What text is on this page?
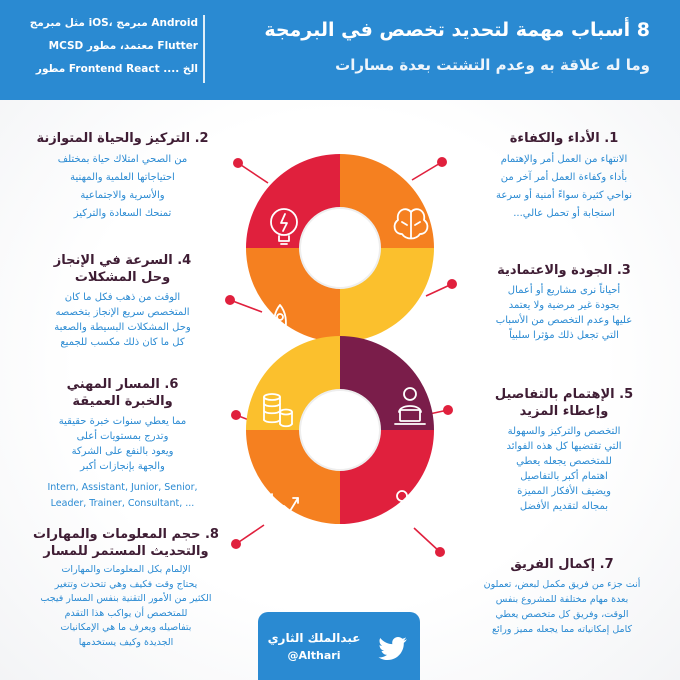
8 أسباب مهمة لتحديد تخصص في البرمجة
وما له علاقة به وعدم التشتت بعدة مسارات
مثل مبرمج iOS، مبرمج Android
MCSD معتمد، مطور Flutter
مطور Frontend React .... الخ
2. التركيز والحياة المتوازنة

من الصحي امتلاك حياة بمختلف
احتياجاتها العلمية والمهنية
والأسرية والاجتماعية
تمنحك السعادة والتركيز

4. السرعة في الإنجاز
وحل المشكلات

الوقت من ذهب فكل ما كان
المتخصص سريع الإنجاز بتخصصه
وحل المشكلات البسيطة والصعبة
كل ما كان ذلك مكسب للجميع

6. المسار المهني
والخبرة العميقة

مما يعطي سنوات خبرة حقيقية
وتدرج بمستويات أعلى
ويعود بالنفع على الشركة
والجهة بإنجازات أكبر

Intern, Assistant, Junior, Senior,
Leader, Trainer, Consultant, ...

8. حجم المعلومات والمهارات
والتحديث المستمر للمسار

الإلمام بكل المعلومات والمهارات
يحتاج وقت فكيف وهي تتحدث وتتغير
الكثير من الأمور التقنية بنفس المسار فيجب
للمتخصص أن يواكب هذا التقدم
بتفاصيله ويعرف ما هي الإمكانيات
الجديدة وكيف يستخدمها

1. الأداء والكفاءة

الانتهاء من العمل أمر والإهتمام
بأداء وكفاءة العمل أمر آخر من
نواحي كثيرة سواءً أمنية أو سرعة
استجابة أو تحمل عالي...

3. الجودة والاعتمادية

أحياناً نرى مشاريع أو أعمال
بجودة غير مرضية ولا يعتمد
عليها وعدم التخصص من الأسباب
التي تجعل ذلك مؤثرا سلبياً

5. الإهتمام بالتفاصيل
وإعطاء المزيد

التخصص والتركيز والسهولة
التي تقتضيها كل هذه الفوائد
للمتخصص يجعله يعطي
اهتمام أكبر بالتفاصيل
ويضيف الأفكار المميزة
بمجاله لتقديم الأفضل

7. إكمال الفريق

أنت جزء من فريق مكمل لبعض، تعملون
بعدة مهام مختلفة للمشروع بنفس
الوقت، وفريق كل متخصص يعطي
كامل إمكانياته مما يجعله مميز ورائع

عبدالملك الثاري
@Althari
